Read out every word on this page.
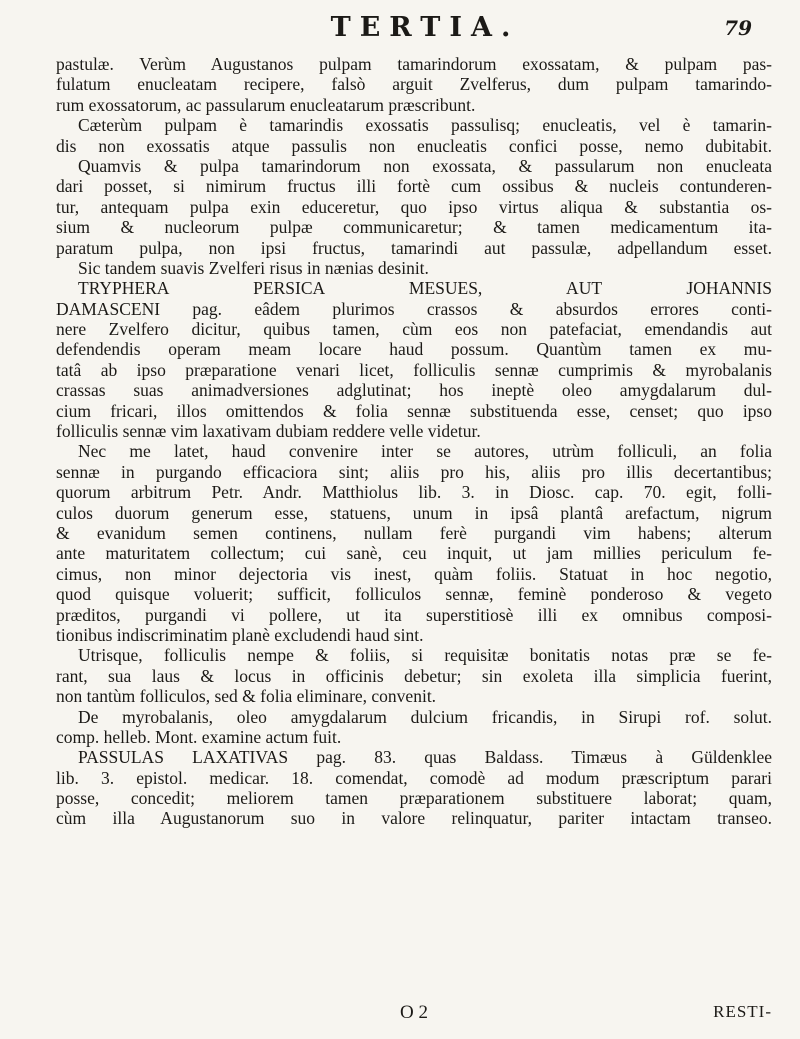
TERTIA.	79
pastulæ. Verùm Augustanos pulpam tamarindorum exossatam, & pulpam pas-
fulatum enucleatam recipere, falsò arguit Zvelferus, dum pulpam tamarindo-
rum exossatorum, ac passularum enucleatarum præscribunt.
Cæterùm pulpam è tamarindis exossatis passulisq; enucleatis, vel è tamarin-
dis non exossatis atque passulis non enucleatis confici posse, nemo dubitabit.
Quamvis & pulpa tamarindorum non exossata, & passularum non enucleata
dari posset, si nimirum fructus illi fortè cum ossibus & nucleis contunderen-
tur, antequam pulpa exin educeretur, quo ipso virtus aliqua & substantia os-
sium & nucleorum pulpæ communicaretur; & tamen medicamentum ita-
paratum pulpa, non ipsi fructus, tamarindi aut passulæ, adpellandum esset.
Sic tandem suavis Zvelferi risus in nænias desinit.
TRYPHERA PERSICA MESUES, AUT JOHANNIS
DAMASCENI pag. eâdem plurimos crassos & absurdos errores conti-
nere Zvelfero dicitur, quibus tamen, cùm eos non patefaciat, emendandis aut
defendendis operam meam locare haud possum. Quantùm tamen ex mu-
tatâ ab ipso præparatione venari licet, folliculis sennæ cumprimis & myrobalanis
crassas suas animadversiones adglutinat; hos ineptè oleo amygdalarum dul-
cium fricari, illos omittendos & folia sennæ substituenda esse, censet; quo ipso
folliculis sennæ vim laxativam dubiam reddere velle videtur.
Nec me latet, haud convenire inter se autores, utrùm folliculi, an folia
sennæ in purgando efficaciora sint; aliis pro his, aliis pro illis decertantibus;
quorum arbitrum Petr. Andr. Matthiolus lib. 3. in Diosc. cap. 70. egit, folli-
culos duorum generum esse, statuens, unum in ipsâ plantâ arefactum, nigrum
& evanidum semen continens, nullam ferè purgandi vim habens; alterum
ante maturitatem collectum; cui sanè, ceu inquit, ut jam millies periculum fe-
cimus, non minor dejectoria vis inest, quàm foliis. Statuat in hoc negotio,
quod quisque voluerit; sufficit, folliculos sennæ, feminè ponderoso & vegeto
præditos, purgandi vi pollere, ut ita superstitiosè illi ex omnibus composi-
tionibus indiscriminatim planè excludendi haud sint.
Utrisque, folliculis nempe & foliis, si requisitæ bonitatis notas præ se fe-
rant, sua laus & locus in officinis debetur; sin exoleta illa simplicia fuerint,
non tantùm folliculos, sed & folia eliminare, convenit.
De myrobalanis, oleo amygdalarum dulcium fricandis, in Sirupi rof. solut.
comp. helleb. Mont. examine actum fuit.
PASSULAS LAXATIVAS pag. 83. quas Baldass. Timæus à Güldenklee
lib. 3. epistol. medicar. 18. comendat, comodè ad modum præscriptum parari
posse, concedit; meliorem tamen præparationem substituere laborat; quam,
cùm illa Augustanorum suo in valore relinquatur, pariter intactam transeo.
O 2	RESTI-
